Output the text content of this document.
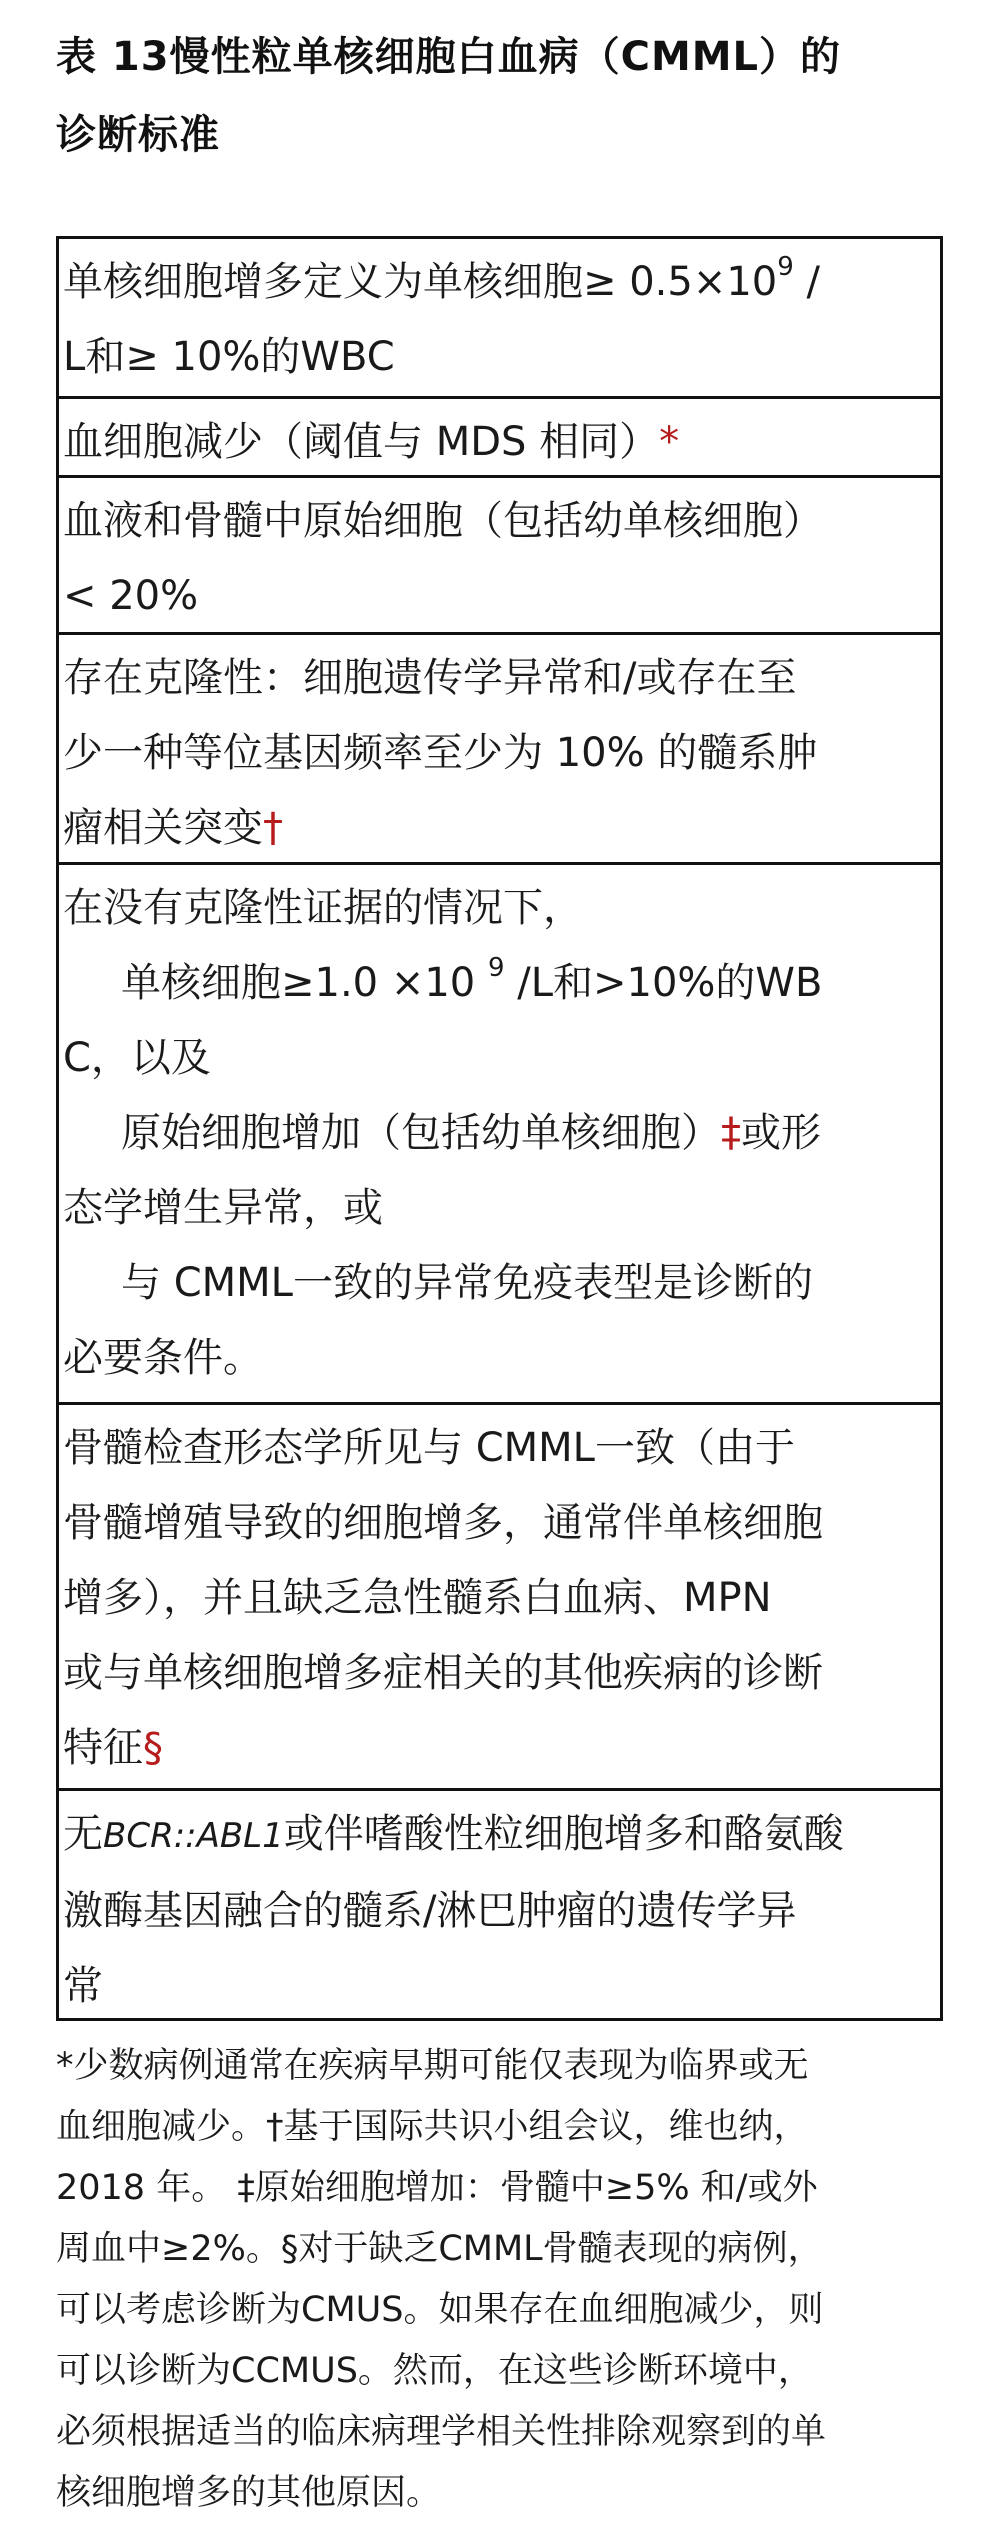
表 13慢性粒单核细胞白血病（CMML）的
诊断标准
单核细胞增多定义为单核细胞≥ $0.5\times 10^9$ /
L和≥ 10%的WBC
血细胞减少（阈值与 MDS 相同）*
血液和骨髓中原始细胞（包括幼单核细胞）
< 20%
存在克隆性：细胞遗传学异常和/或存在至
少一种等位基因频率至少为 10% 的髓系肿
瘤相关突变†
在没有克隆性证据的情况下，
单核细胞≥1.0 ×10 $^9$ /L和>10%的WB
C，以及
原始细胞增加（包括幼单核细胞）‡或形
态学增生异常，或
与 CMML一致的异常免疫表型是诊断的
必要条件。
骨髓检查形态学所见与 CMML一致（由于
骨髓增殖导致的细胞增多，通常伴单核细胞
增多），并且缺乏急性髓系白血病、MPN
或与单核细胞增多症相关的其他疾病的诊断
特征§
无BCR::ABL1或伴嗜酸性粒细胞增多和酪氨酸
激酶基因融合的髓系/淋巴肿瘤的遗传学异
常
*少数病例通常在疾病早期可能仅表现为临界或无
血细胞减少。†基于国际共识小组会议，维也纳，
2018 年。 ‡原始细胞增加：骨髓中≥5% 和/或外
周血中≥2%。§对于缺乏CMML骨髓表现的病例，
可以考虑诊断为CMUS。如果存在血细胞减少，则
可以诊断为CCMUS。然而，在这些诊断环境中，
必须根据适当的临床病理学相关性排除观察到的单
核细胞增多的其他原因。
